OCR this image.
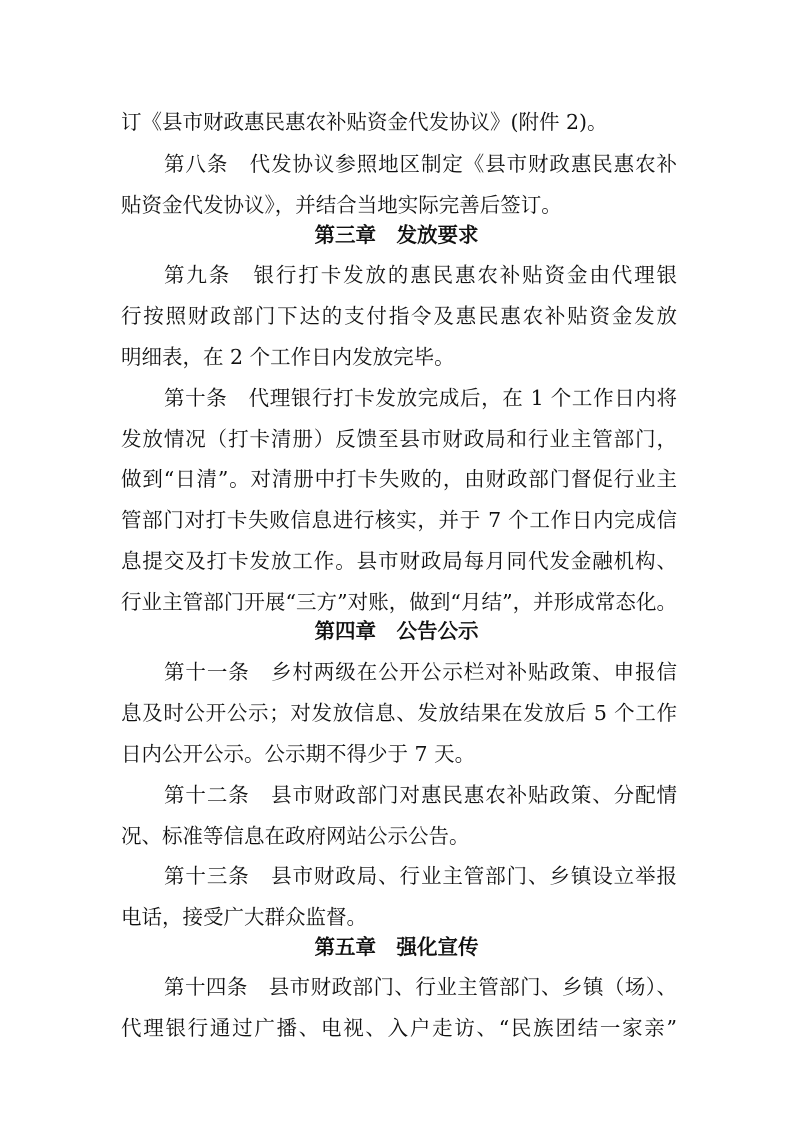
订《县市财政惠民惠农补贴资金代发协议》(附件 2)。
第八条　代发协议参照地区制定《县市财政惠民惠农补
贴资金代发协议》，并结合当地实际完善后签订。
第三章　发放要求
第九条　银行打卡发放的惠民惠农补贴资金由代理银
行按照财政部门下达的支付指令及惠民惠农补贴资金发放
明细表，在 2 个工作日内发放完毕。
第十条　代理银行打卡发放完成后，在 1 个工作日内将
发放情况（打卡清册）反馈至县市财政局和行业主管部门，
做到“日清”。对清册中打卡失败的，由财政部门督促行业主
管部门对打卡失败信息进行核实，并于 7 个工作日内完成信
息提交及打卡发放工作。县市财政局每月同代发金融机构、
行业主管部门开展“三方”对账，做到“月结”，并形成常态化。
第四章　公告公示
第十一条　乡村两级在公开公示栏对补贴政策、申报信
息及时公开公示；对发放信息、发放结果在发放后 5 个工作
日内公开公示。公示期不得少于 7 天。
第十二条　县市财政部门对惠民惠农补贴政策、分配情
况、标准等信息在政府网站公示公告。
第十三条　县市财政局、行业主管部门、乡镇设立举报
电话，接受广大群众监督。
第五章　强化宣传
第十四条　县市财政部门、行业主管部门、乡镇（场）、
代理银行通过广播、电视、入户走访、“民族团结一家亲”
